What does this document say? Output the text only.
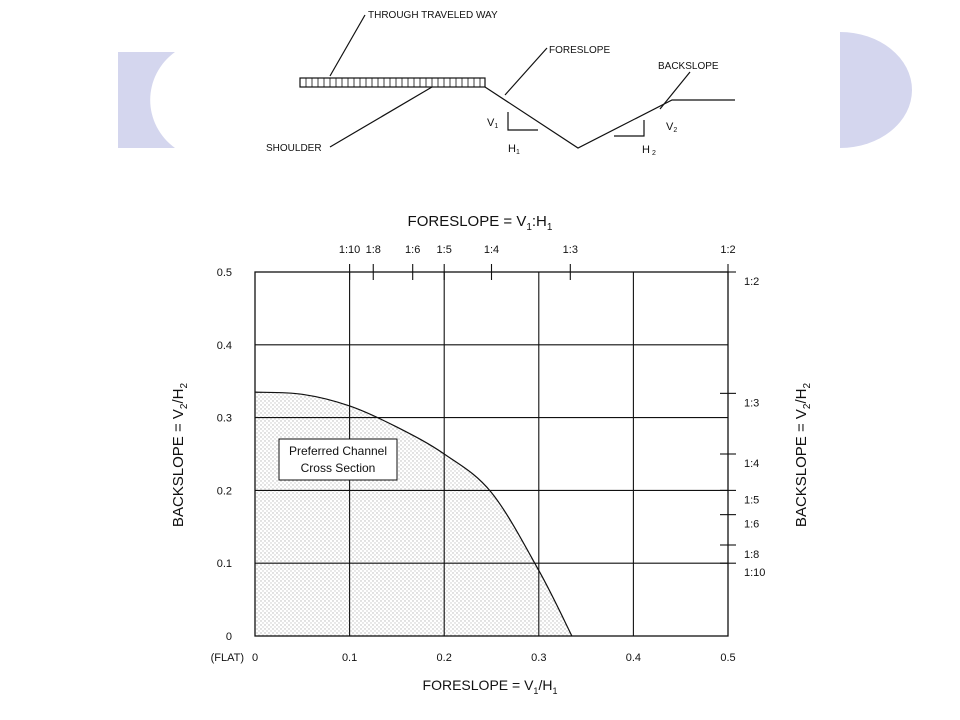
THROUGH TRAVELED WAY
FORESLOPE
BACKSLOPE
SHOULDER
V1
H1
V2
H 2
FORESLOPE = $V_1:H_1$
0	0.1	0.2	0.3	0.4	0.5
0
0.1
0.2
0.3
0.4
0.5
1:10 1:8 1:6 1:5	1:4	1:3	1:2
1:2
1:3
1:4
1:5
1:6
1:8
1:10
Preferred Channel
Cross Section
BACKSLOPE = $V_2/H_2$
BACKSLOPE = $V_2/H_2$
FORESLOPE = $V_1/H_1$
(FLAT)
